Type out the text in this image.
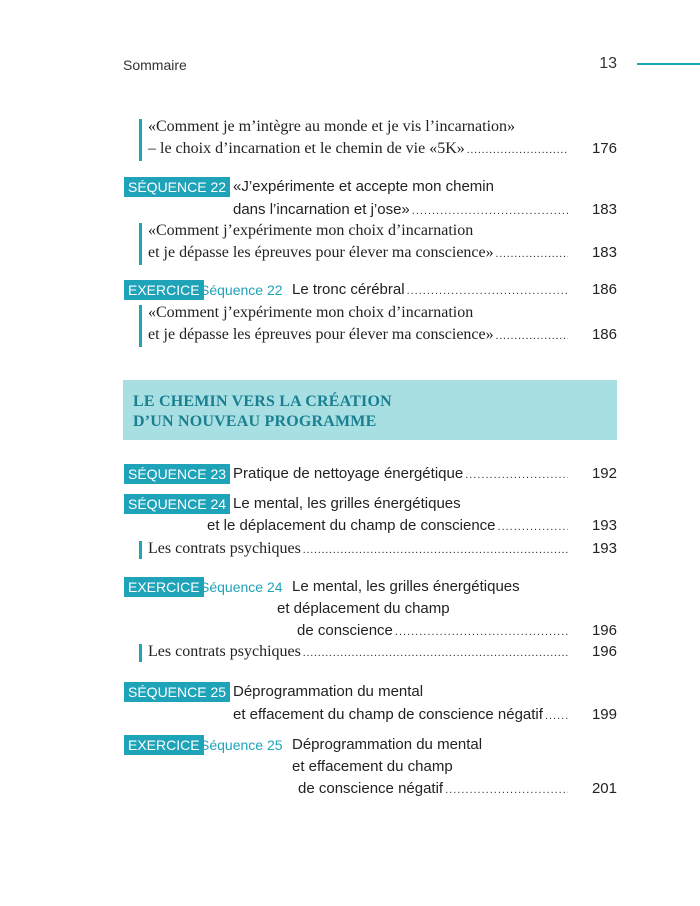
Sommaire	13
«Comment je m’intègre au monde et je vis l’incarnation»
– le choix d’incarnation et le chemin de vie «5K» .....	176
SÉQUENCE 22 «J’expérimente et accepte mon chemin
dans l’incarnation et j’ose» .....	183
«Comment j’expérimente mon choix d’incarnation
et je dépasse les épreuves pour élever ma conscience» .....	183
EXERCICE Séquence 22 Le tronc cérébral .....	186
«Comment j’expérimente mon choix d’incarnation
et je dépasse les épreuves pour élever ma conscience» .....	186
LE CHEMIN VERS LA CRÉATION
D’UN NOUVEAU PROGRAMME
SÉQUENCE 23 Pratique de nettoyage énergétique .....	192
SÉQUENCE 24 Le mental, les grilles énergétiques
et le déplacement du champ de conscience .....	193
Les contrats psychiques .....	193
EXERCICE Séquence 24 Le mental, les grilles énergétiques
et déplacement du champ
de conscience .....	196
Les contrats psychiques .....	196
SÉQUENCE 25 Déprogrammation du mental
et effacement du champ de conscience négatif .....	199
EXERCICE Séquence 25 Déprogrammation du mental
et effacement du champ
de conscience négatif .....	201
